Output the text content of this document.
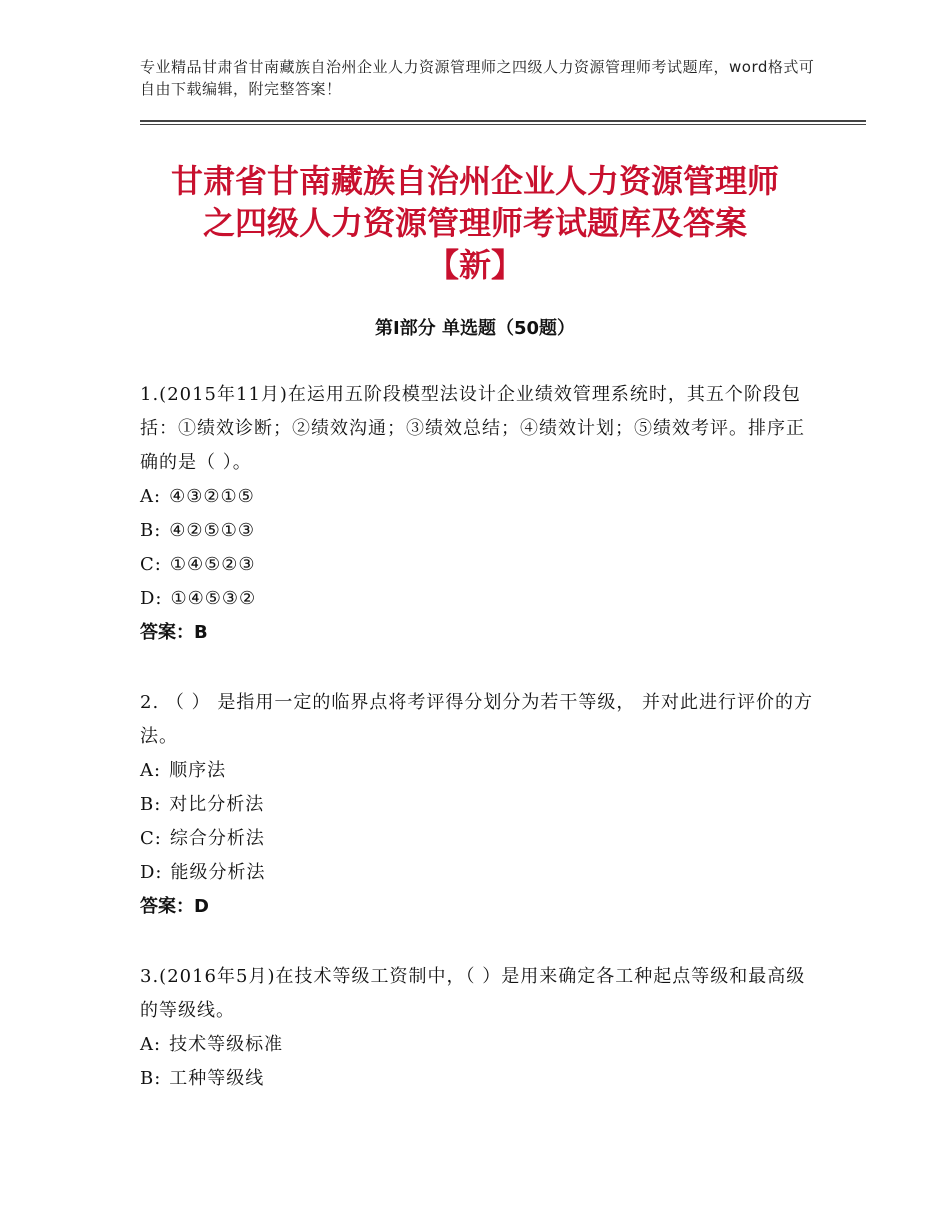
专业精品甘肃省甘南藏族自治州企业人力资源管理师之四级人力资源管理师考试题库，word格式可自由下载编辑，附完整答案！
甘肃省甘南藏族自治州企业人力资源管理师
之四级人力资源管理师考试题库及答案
【新】
第Ⅰ部分 单选题（50题）
1.(2015年11月)在运用五阶段模型法设计企业绩效管理系统时，其五个阶段包括：①绩效诊断；②绩效沟通；③绩效总结；④绩效计划；⑤绩效考评。排序正确的是（ ）。
A: ④③②①⑤
B: ④②⑤①③
C: ①④⑤②③
D: ①④⑤③②
答案：B
2. （ ） 是指用一定的临界点将考评得分划分为若干等级， 并对此进行评价的方法。
A: 顺序法
B: 对比分析法
C: 综合分析法
D: 能级分析法
答案：D
3.(2016年5月)在技术等级工资制中，（ ）是用来确定各工种起点等级和最高级的等级线。
A: 技术等级标准
B: 工种等级线
